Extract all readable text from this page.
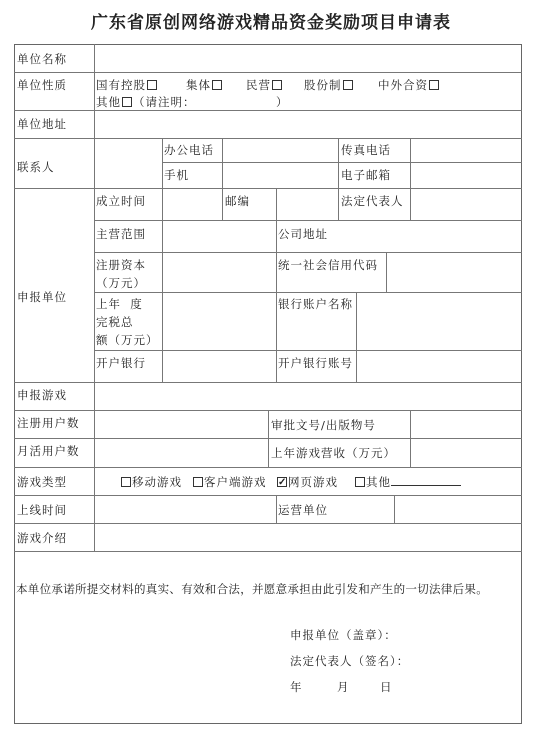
广东省原创网络游戏精品资金奖励项目申请表
单位名称
单位性质	国有控股	集体	民营	股份制	中外合资
其他 （请注明：	）
单位地址
联系人
办公电话	传真电话
手机	电子邮箱
申报单位
成立时间	邮编	法定代表人
主营范围	公司地址
注册资本
（万元）
统一社会信用代码
上年  度
完税总
额（万元）
银行账户名称
开户银行	开户银行账号
申报游戏
注册用户数	审批文号/出版物号
月活用户数	上年游戏营收（万元）
游戏类型	移动游戏	客户端游戏
✓	网页游戏	其他
上线时间	运营单位
游戏介绍
本单位承诺所提交材料的真实、有效和合法，并愿意承担由此引发和产生的一切法律后果。
申报单位（盖章）：
法定代表人（签名）：
年	月	日
